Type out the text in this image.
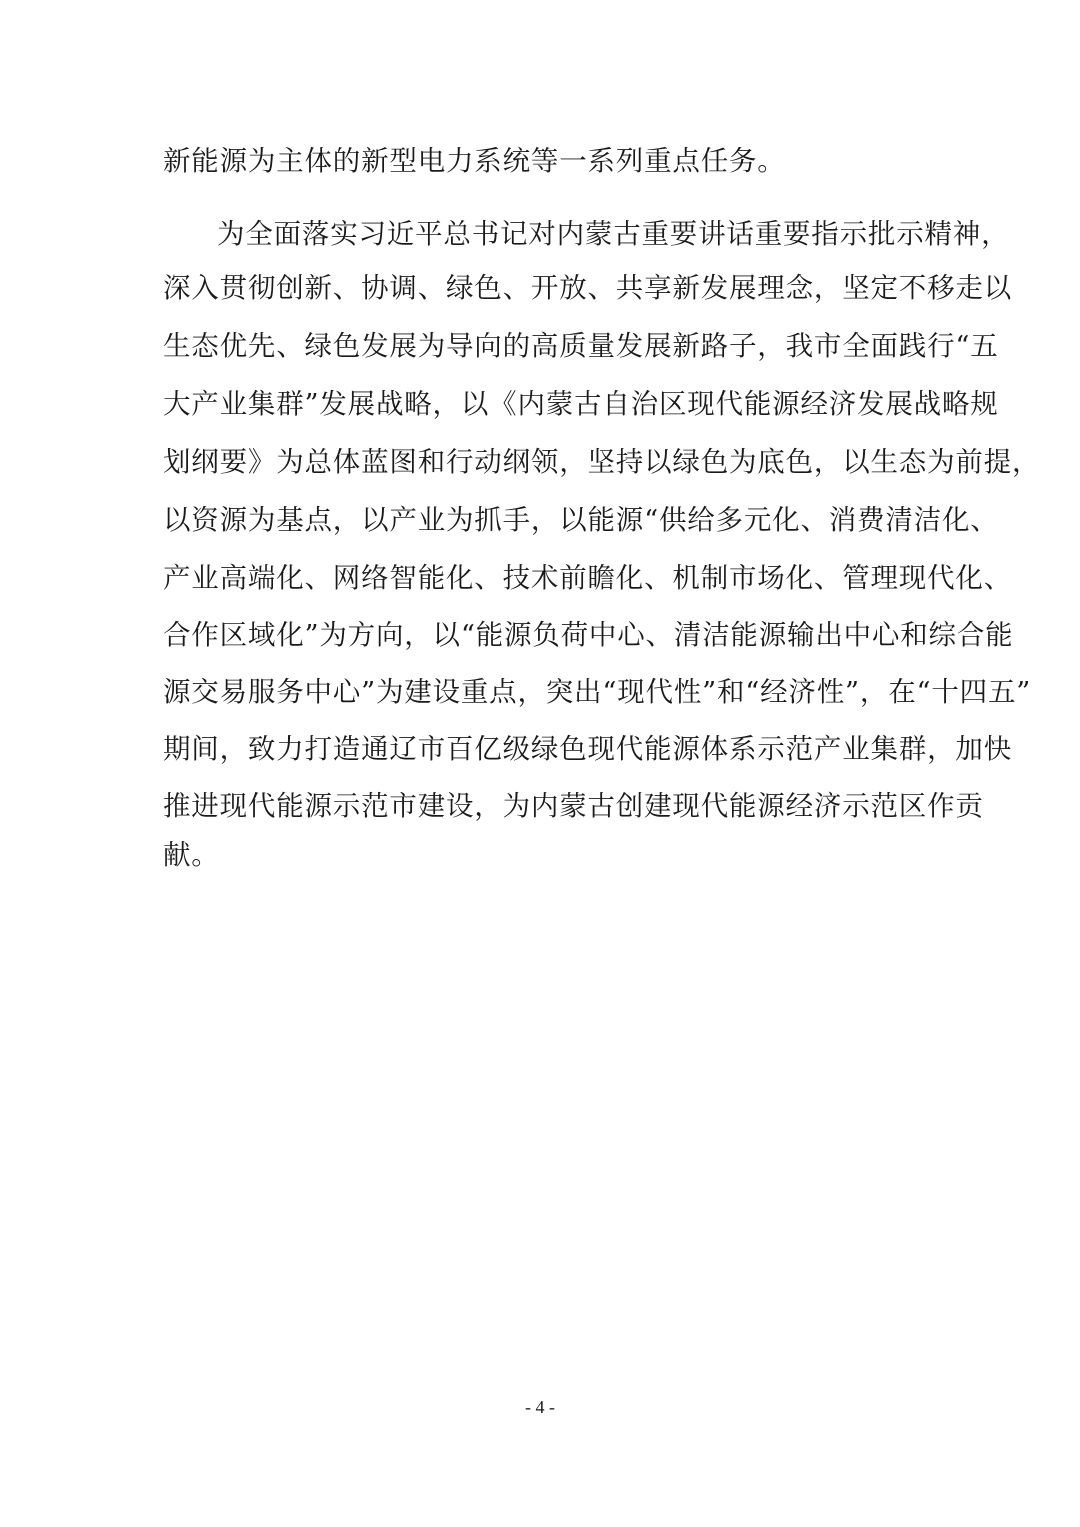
新能源为主体的新型电力系统等一系列重点任务。
为全面落实习近平总书记对内蒙古重要讲话重要指示批示精神，
深入贯彻创新、协调、绿色、开放、共享新发展理念，坚定不移走以
生态优先、绿色发展为导向的高质量发展新路子，我市全面践行“五
大产业集群”发展战略，以《内蒙古自治区现代能源经济发展战略规
划纲要》为总体蓝图和行动纲领，坚持以绿色为底色，以生态为前提，
以资源为基点，以产业为抓手，以能源“供给多元化、消费清洁化、
产业高端化、网络智能化、技术前瞻化、机制市场化、管理现代化、
合作区域化”为方向，以“能源负荷中心、清洁能源输出中心和综合能
源交易服务中心”为建设重点，突出“现代性”和“经济性”，在“十四五”
期间，致力打造通辽市百亿级绿色现代能源体系示范产业集群，加快
推进现代能源示范市建设，为内蒙古创建现代能源经济示范区作贡
献。
- 4 -
